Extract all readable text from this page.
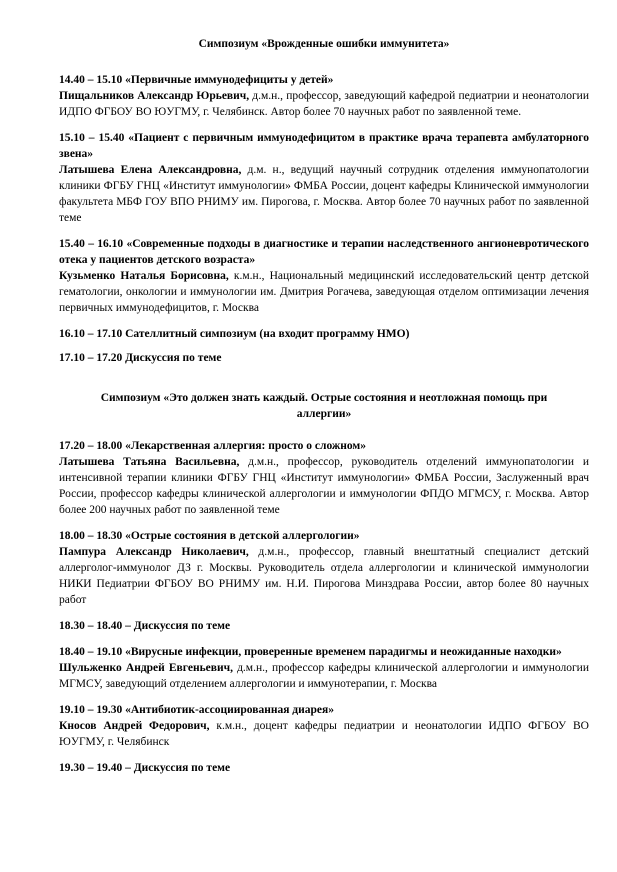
Симпозиум «Врожденные ошибки иммунитета»

14.40 – 15.10 «Первичные иммунодефициты у детей»

Пищальников Александр Юрьевич, д.м.н., профессор, заведующий кафедрой педиатрии и неонатологии ИДПО ФГБОУ ВО ЮУГМУ, г. Челябинск. Автор более 70 научных работ по заявленной теме.

15.10 – 15.40 «Пациент с первичным иммунодефицитом в практике врача терапевта амбулаторного звена»

Латышева Елена Александровна, д.м. н., ведущий научный сотрудник отделения иммунопатологии клиники ФГБУ ГНЦ «Институт иммунологии» ФМБА России, доцент кафедры Клинической иммунологии факультета МБФ ГОУ ВПО РНИМУ им. Пирогова, г. Москва. Автор более 70 научных работ по заявленной теме

15.40 – 16.10 «Современные подходы в диагностике и терапии наследственного ангионевротического отека у пациентов детского возраста»

Кузьменко Наталья Борисовна, к.м.н., Национальный медицинский исследовательский центр детской гематологии, онкологии и иммунологии им. Дмитрия Рогачева, заведующая отделом оптимизации лечения первичных иммунодефицитов, г. Москва

16.10 – 17.10 Сателлитный симпозиум (на входит программу НМО)
17.10 – 17.20 Дискуссия по теме
Симпозиум «Это должен знать каждый. Острые состояния и неотложная помощь при аллергии»

17.20 – 18.00 «Лекарственная аллергия: просто о сложном»

Латышева Татьяна Васильевна, д.м.н., профессор, руководитель отделений иммунопатологии и интенсивной терапии клиники ФГБУ ГНЦ «Институт иммунологии» ФМБА России, Заслуженный врач России, профессор кафедры клинической аллергологии и иммунологии ФПДО МГМСУ, г. Москва. Автор более 200 научных работ по заявленной теме

18.00 – 18.30 «Острые состояния в детской аллергологии»

Пампура Александр Николаевич, д.м.н., профессор, главный внештатный специалист детский аллерголог-иммунолог ДЗ г. Москвы. Руководитель отдела аллергологии и клинической иммунологии НИКИ Педиатрии ФГБОУ ВО РНИМУ им. Н.И. Пирогова Минздрава России, автор более 80 научных работ

18.30 – 18.40 – Дискуссия по теме

18.40 – 19.10 «Вирусные инфекции, проверенные временем парадигмы и неожиданные находки»

Шульженко Андрей Евгеньевич, д.м.н., профессор кафедры клинической аллергологии и иммунологии МГМСУ, заведующий отделением аллергологии и иммунотерапии, г. Москва

19.10 – 19.30 «Антибиотик-ассоциированная диарея»

Кносов Андрей Федорович, к.м.н., доцент кафедры педиатрии и неонатологии ИДПО ФГБОУ ВО ЮУГМУ, г. Челябинск

19.30 – 19.40 – Дискуссия по теме
